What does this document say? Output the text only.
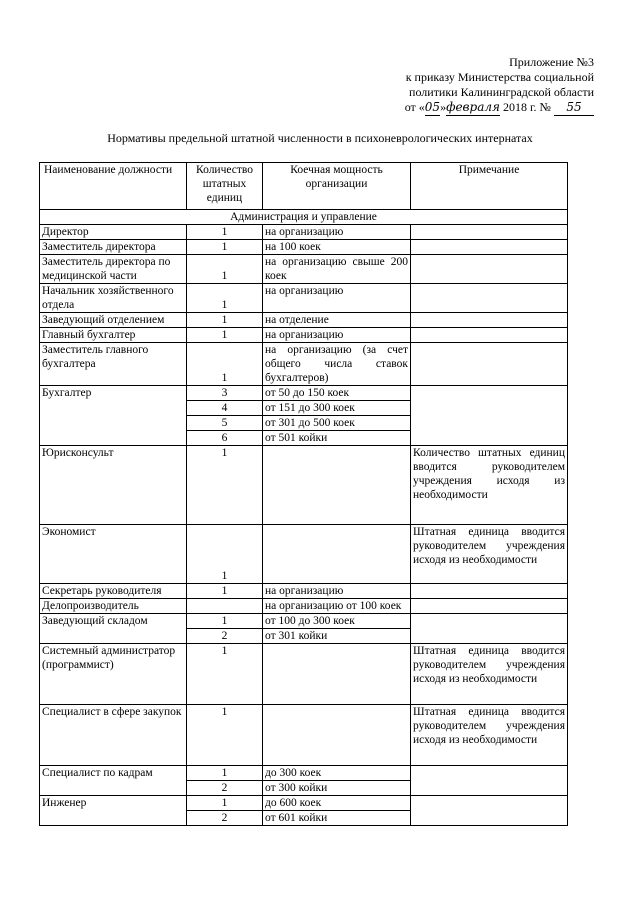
Приложение №3
к приказу Министерства социальной
политики Калининградской области
от «05»февраля 2018 г. № 55
Нормативы предельной штатной численности в психоневрологических интернатах
Наименование должности	Количество штатных единиц	Коечная мощность организации	Примечание
Администрация и управление			
Директор	1	на организацию	
Заместитель директора	1	на 100 коек	
Заместитель директора по медицинской части	1	на организацию свыше 200 коек	
Начальник хозяйственного отдела	1	на организацию	
Заведующий отделением	1	на отделение	
Главный бухгалтер	1	на организацию	
Заместитель главного бухгалтера	1	на организацию (за счет общего числа ставок бухгалтеров)	
Бухгалтер	3	от 50 до 150 коек	
	4	от 151 до 300 коек	
	5	от 301 до 500 коек	
	6	от 501 койки	
Юрисконсульт	1		Количество штатных единиц вводится руководителем учреждения исходя из необходимости
Экономист	1		Штатная единица вводится руководителем учреждения исходя из необходимости
Секретарь руководителя	1	на организацию	
Делопроизводитель		на организацию от 100 коек	
Заведующий складом	1	от 100 до 300 коек	
	2	от 301 койки	
Системный администратор (программист)	1		Штатная единица вводится руководителем учреждения исходя из необходимости
Специалист в сфере закупок	1		Штатная единица вводится руководителем учреждения исходя из необходимости
Специалист по кадрам	1	до 300 коек	
	2	от 300 койки	
Инженер	1	до 600 коек	
	2	от 601 койки	
